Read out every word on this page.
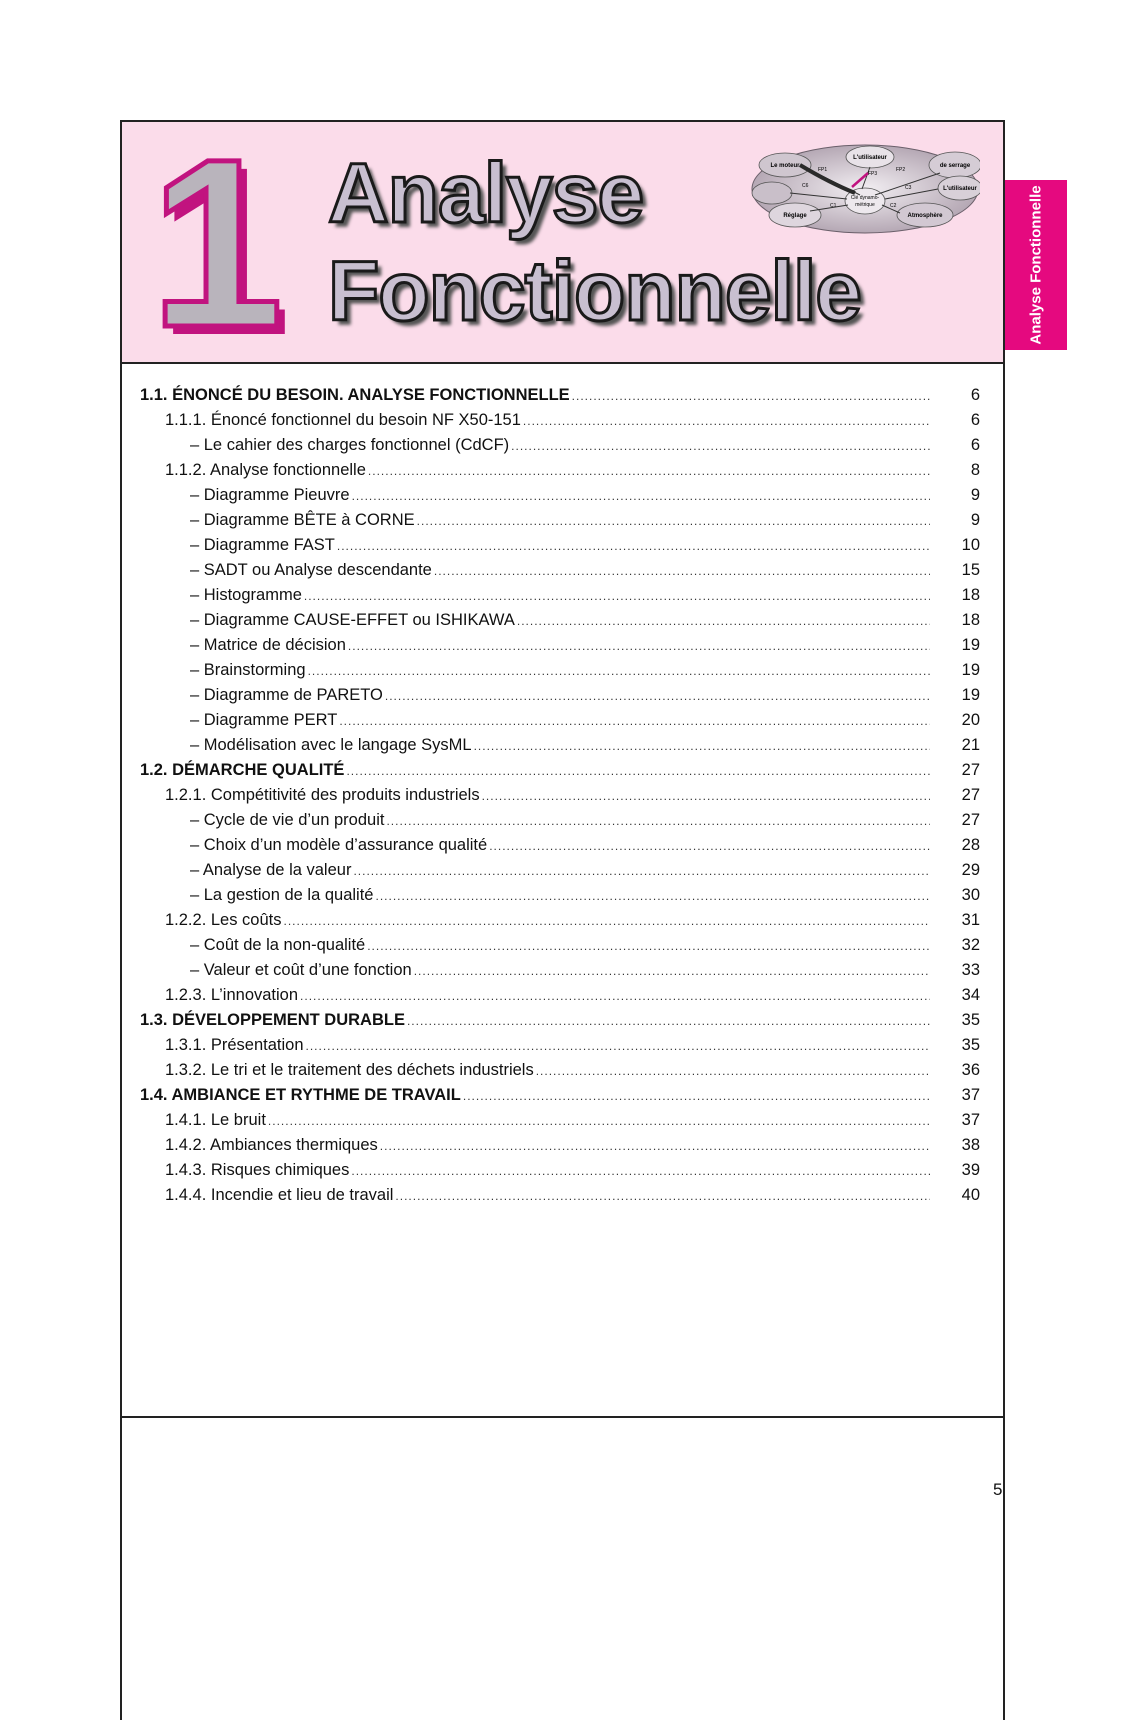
1 Analyse
Fonctionnelle
Le moteur
L'utilisateur
de serrage
L'utilisateur
Réglage	Atmosphère
Clé dynamo-
métrique
FP1
FP3
FP2
C6	C3
C1	C2	Analyse Fonctionnelle
1.1. ÉNONCÉ DU BESOIN. ANALYSE FONCTIONNELLE .....	6
1.1.1. Énoncé fonctionnel du besoin NF X50-151 .....	6
– Le cahier des charges fonctionnel (CdCF) .....	6
1.1.2. Analyse fonctionnelle .....	8
– Diagramme Pieuvre .....	9
– Diagramme BÊTE à CORNE .....	9
– Diagramme FAST .....	10
– SADT ou Analyse descendante .....	15
– Histogramme .....	18
– Diagramme CAUSE-EFFET ou ISHIKAWA .....	18
– Matrice de décision .....	19
– Brainstorming .....	19
– Diagramme de PARETO .....	19
– Diagramme PERT .....	20
– Modélisation avec le langage SysML .....	21
1.2. DÉMARCHE QUALITÉ .....	27
1.2.1. Compétitivité des produits industriels .....	27
– Cycle de vie d’un produit .....	27
– Choix d’un modèle d’assurance qualité .....	28
– Analyse de la valeur .....	29
– La gestion de la qualité .....	30
1.2.2. Les coûts .....	31
– Coût de la non-qualité .....	32
– Valeur et coût d’une fonction .....	33
1.2.3. L’innovation .....	34
1.3. DÉVELOPPEMENT DURABLE .....	35
1.3.1. Présentation .....	35
1.3.2. Le tri et le traitement des déchets industriels .....	36
1.4. AMBIANCE ET RYTHME DE TRAVAIL .....	37
1.4.1. Le bruit .....	37
1.4.2. Ambiances thermiques .....	38
1.4.3. Risques chimiques .....	39
1.4.4. Incendie et lieu de travail .....	40
5
